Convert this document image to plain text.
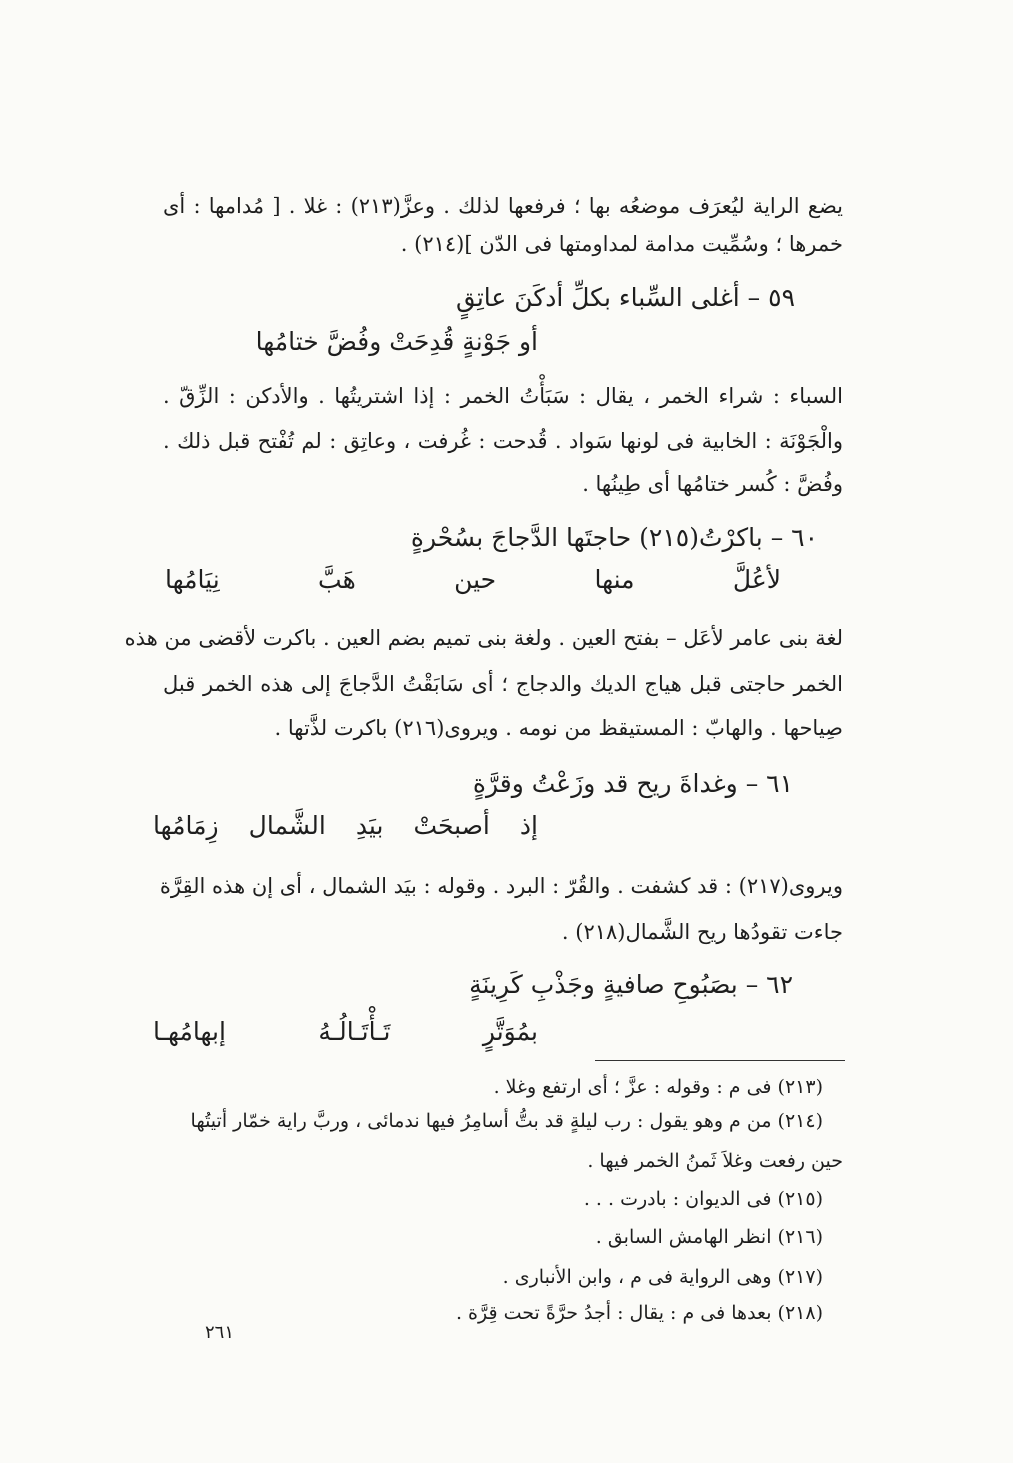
يضع الراية ليُعرَف موضعُه بها ؛ فرفعها لذلك . وعزَّ(٢١٣) : غلا . [ مُدامها : أى
خمرها ؛ وسُمِّيت مدامة لمداومتها فى الدّن ](٢١٤) .
٥٩ – أغلى السِّباء بكلِّ أدكَنَ عاتِقٍ
أو جَوْنةٍ قُدِحَتْ وفُضَّ ختامُها
السباء : شراء الخمر ، يقال : سَبَأْتُ الخمر : إذا اشتريتُها . والأدكن : الزِّقّ .
والْجَوْنَة : الخابية فى لونها سَواد . قُدحت : غُرفت ، وعاتِق : لم تُفْتح قبل ذلك .
وفُضَّ : كُسر ختامُها أى طِينُها .
٦٠ – باكرْتُ(٢١٥) حاجتَها الدَّجاجَ بسُحْرةٍ
لأعُلَّ
منها
حين
هَبَّ
نِيَامُها
لغة بنى عامر لأعَل – بفتح العين . ولغة بنى تميم بضم العين . باكرت لأقضى من هذه
الخمر حاجتى قبل هياج الديك والدجاج ؛ أى سَابَقْتُ الدَّجاجَ إلى هذه الخمر قبل
صِياحها . والهابّ : المستيقظ من نومه . ويروى(٢١٦) باكرت لذَّتها .
٦١ – وغداةَ ريح قد وزَعْتُ وقرَّةٍ
إذ
أصبحَتْ
بيَدِ
الشَّمال
زِمَامُها
ويروى(٢١٧) : قد كشفت . والقُرّ : البرد . وقوله : بيَد الشمال ، أى إن هذه القِرَّة
جاءت تقودُها ريح الشَّمال(٢١٨) .
٦٢ – بصَبُوحِ صافيةٍ وجَذْبِ كَرِينَةٍ
بمُوَتَّرٍ
تَـأْتَـالُـهُ
إبهامُهـا
(٢١٣) فى م : وقوله : عزَّ ؛ أى ارتفع وغلا .
(٢١٤) من م وهو يقول : رب ليلةٍ قد بتُّ أسامِرُ فيها ندمائى ، وربَّ راية خمّار أتيتُها
حين رفعت وغلاَ ثَمنُ الخمر فيها .
(٢١٥) فى الديوان : بادرت . . .
(٢١٦) انظر الهامش السابق .
(٢١٧) وهى الرواية فى م ، وابن الأنبارى .
(٢١٨) بعدها فى م : يقال : أجدُ حرَّةً تحت قِرَّة .
٢٦١
